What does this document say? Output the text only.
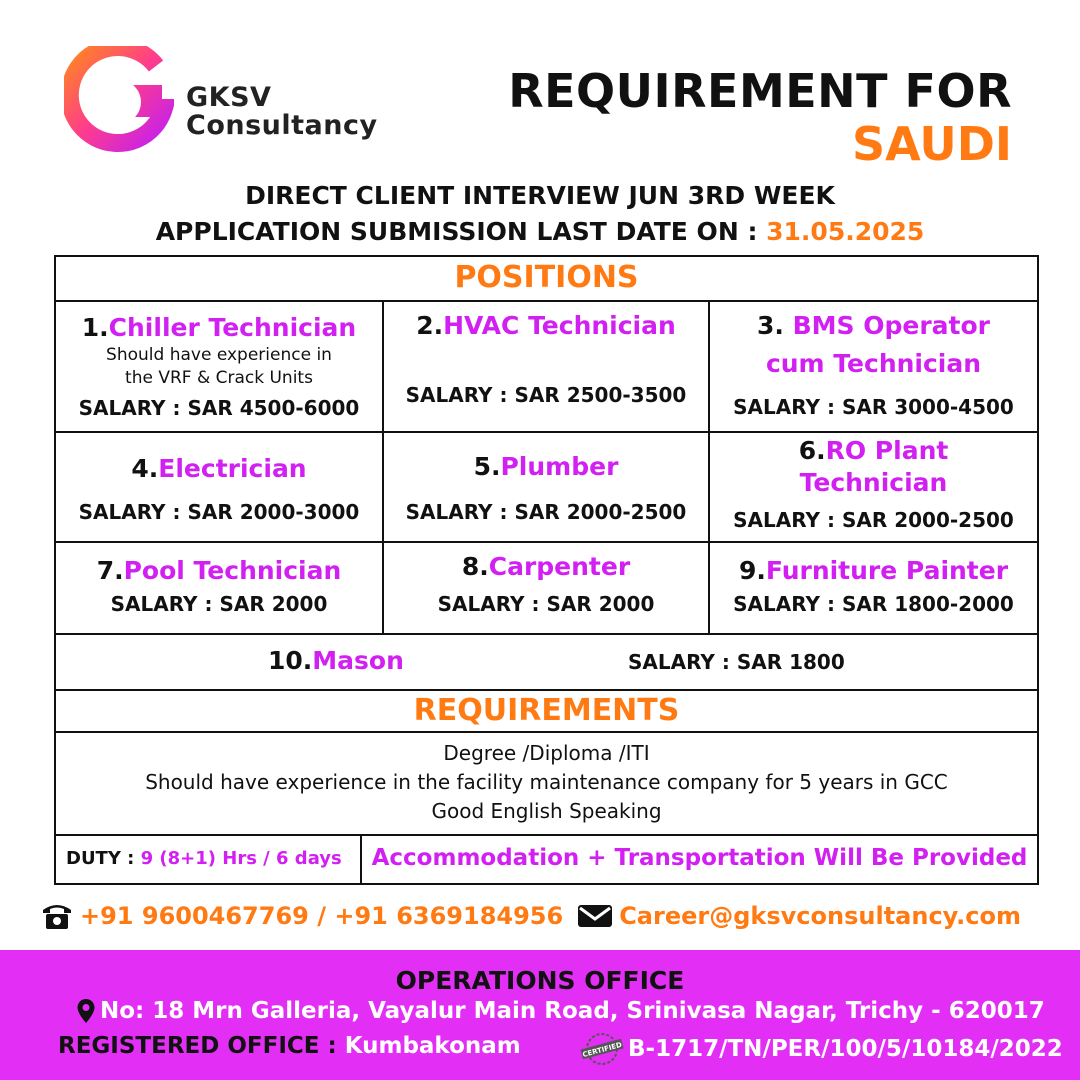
GKSV
Consultancy
REQUIREMENT FOR
SAUDI
DIRECT CLIENT INTERVIEW JUN 3RD WEEK
APPLICATION SUBMISSION LAST DATE ON : 31.05.2025
POSITIONS
1.Chiller Technician
Should have experience in
the VRF & Crack Units
SALARY : SAR 4500-6000
2.HVAC Technician
SALARY : SAR 2500-3500
3. BMS Operator
cum Technician
SALARY : SAR 3000-4500
4.Electrician
SALARY : SAR 2000-3000
5.Plumber
SALARY : SAR 2000-2500
6.RO Plant
Technician
SALARY : SAR 2000-2500
7.Pool Technician
SALARY : SAR 2000
8.Carpenter
SALARY : SAR 2000
9.Furniture Painter
SALARY : SAR 1800-2000
10.Mason	SALARY : SAR 1800
REQUIREMENTS
Degree /Diploma /ITI
Should have experience in the facility maintenance company for 5 years in GCC
Good English Speaking
DUTY : 9 (8+1) Hrs / 6 days	Accommodation + Transportation Will Be Provided
+91 9600467769 / +91 6369184956 Career@gksvconsultancy.com
OPERATIONS OFFICE
No: 18 Mrn Galleria, Vayalur Main Road, Srinivasa Nagar, Trichy - 620017
REGISTERED OFFICE : Kumbakonam	CERTIFIED B-1717/TN/PER/100/5/10184/2022
